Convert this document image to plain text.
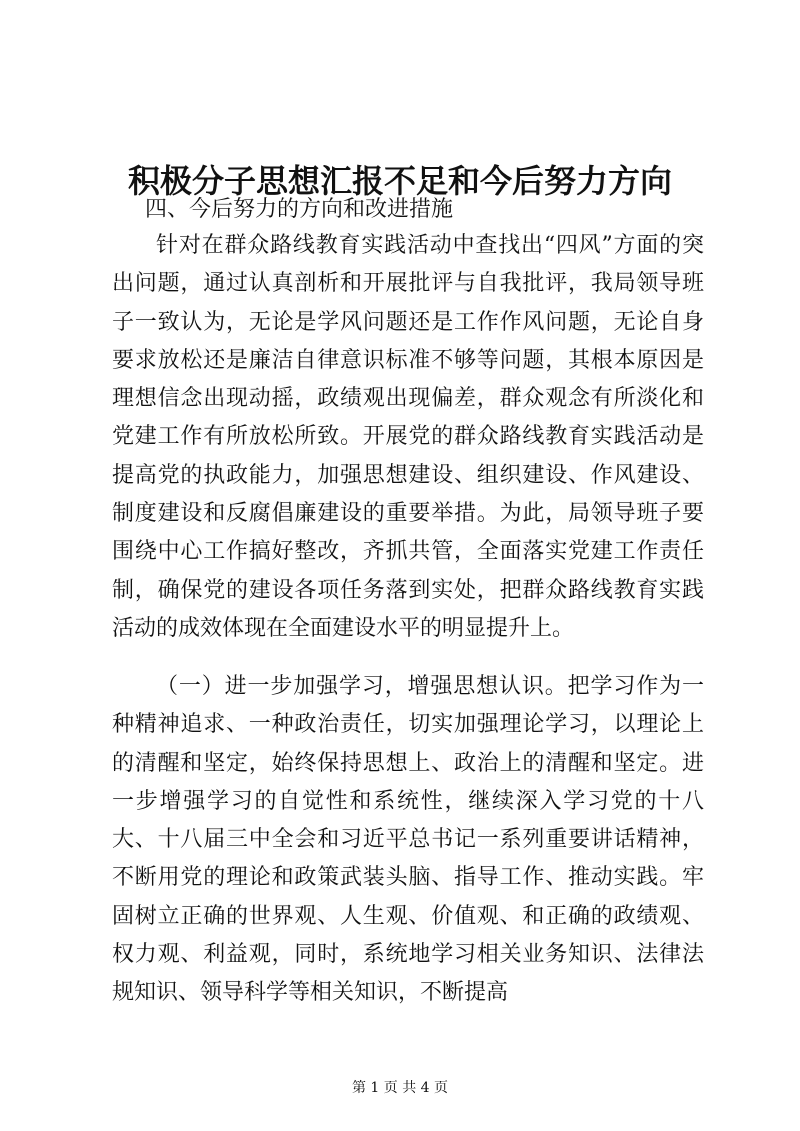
积极分子思想汇报不足和今后努力方向
四、今后努力的方向和改进措施

针对在群众路线教育实践活动中查找出“四风”方面的突出问题，通过认真剖析和开展批评与自我批评，我局领导班子一致认为，无论是学风问题还是工作作风问题，无论自身要求放松还是廉洁自律意识标准不够等问题，其根本原因是理想信念出现动摇，政绩观出现偏差，群众观念有所淡化和党建工作有所放松所致。开展党的群众路线教育实践活动是提高党的执政能力，加强思想建设、组织建设、作风建设、制度建设和反腐倡廉建设的重要举措。为此，局领导班子要围绕中心工作搞好整改，齐抓共管，全面落实党建工作责任制，确保党的建设各项任务落到实处，把群众路线教育实践活动的成效体现在全面建设水平的明显提升上。

（一）进一步加强学习，增强思想认识。把学习作为一种精神追求、一种政治责任，切实加强理论学习，以理论上的清醒和坚定，始终保持思想上、政治上的清醒和坚定。进一步增强学习的自觉性和系统性，继续深入学习党的十八大、十八届三中全会和习近平总书记一系列重要讲话精神，不断用党的理论和政策武装头脑、指导工作、推动实践。牢固树立正确的世界观、人生观、价值观、和正确的政绩观、权力观、利益观，同时，系统地学习相关业务知识、法律法规知识、领导科学等相关知识，不断提高

第 1 页 共 4 页
